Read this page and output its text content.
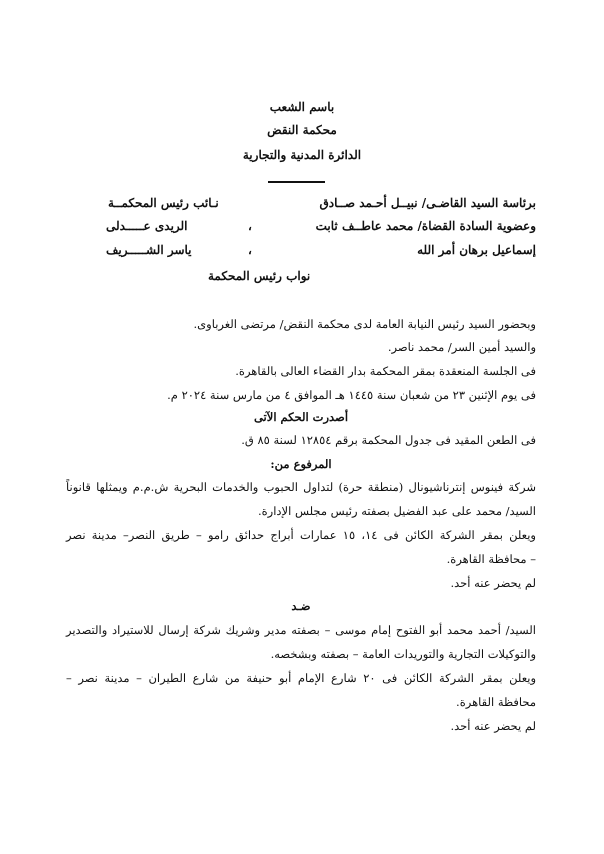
باسم الشعب
محكمة النقض
الدائرة المدنية والتجارية
برئاسة السيد القاضـى/ نبيــل أحـمد صــادق
نـائب رئيس المحكمــة
وعضوية السادة القضاة/ محمد عاطــف ثابت
،
الريدى عـــــدلى
إسماعيل برهان أمر الله
،
ياسر الشـــــريف
نواب رئيس المحكمة
وبحضور السيد رئيس النيابة العامة لدى محكمة النقض/ مرتضى الغرباوى.
والسيد أمين السر/ محمد ناصر.
فى الجلسة المنعقدة بمقر المحكمة بدار القضاء العالى بالقاهرة.
فى يوم الإثنين ٢٣ من شعبان سنة ١٤٤٥ هـ الموافق ٤ من مارس سنة ٢٠٢٤ م.
أصدرت الحكم الآتى
فى الطعن المقيد فى جدول المحكمة برقم ١٢٨٥٤ لسنة ٨٥ ق.
المرفوع من:
شركة فينوس إنترناشيونال (منطقة حرة) لتداول الحبوب والخدمات البحرية ش.م.م ويمثلها قانوناً
السيد/ محمد على عبد الفضيل بصفته رئيس مجلس الإدارة.
ويعلن بمقر الشركة الكائن فى ١٤، ١٥ عمارات أبراج حدائق رامو – طريق النصر– مدينة نصر
– محافظة القاهرة.
لم يحضر عنه أحد.
ضـد
السيد/ أحمد محمد أبو الفتوح إمام موسى – بصفته مدير وشريك شركة إرسال للاستيراد والتصدير
والتوكيلات التجارية والتوريدات العامة – بصفته وبشخصه.
ويعلن بمقر الشركة الكائن فى ٢٠ شارع الإمام أبو حنيفة من شارع الطيران – مدينة نصر –
محافظة القاهرة.
لم يحضر عنه أحد.
